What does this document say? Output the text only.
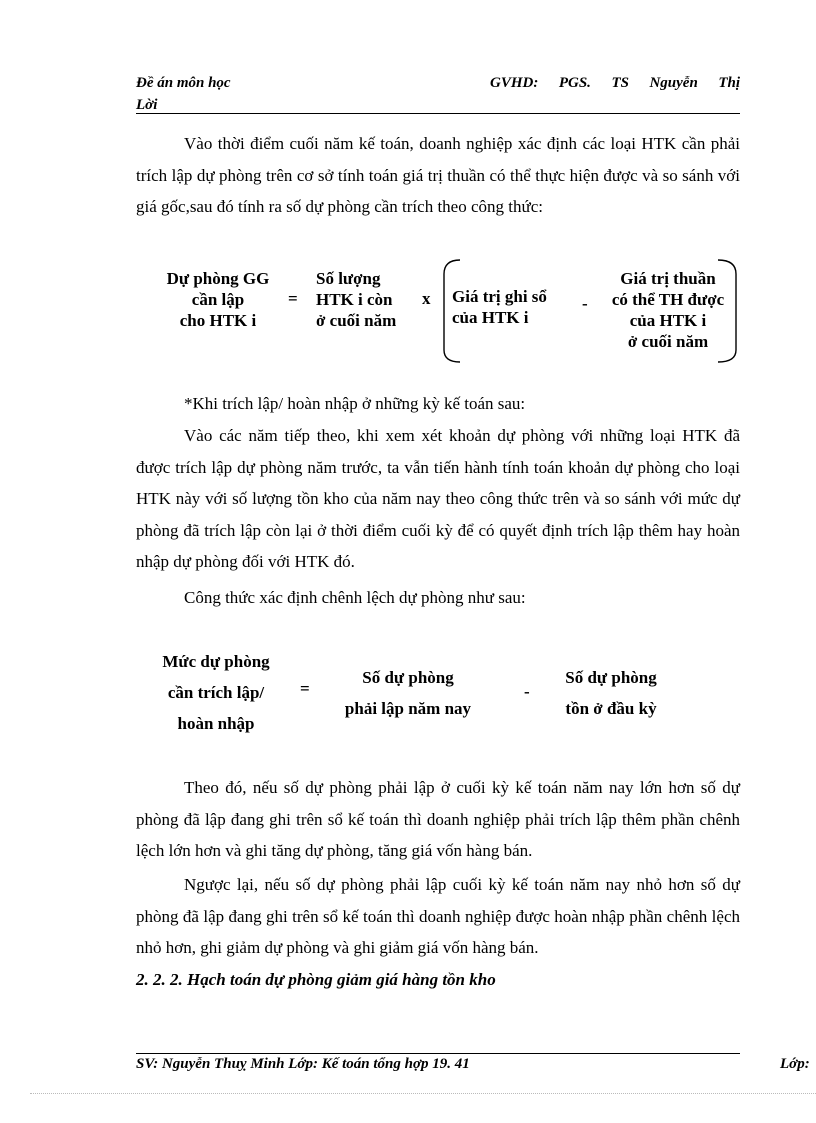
Đề án môn học
Lời
GVHD: PGS. TS Nguyễn Thị

Vào thời điểm cuối năm kế toán, doanh nghiệp xác định các loại HTK cần phải trích lập dự phòng trên cơ sở tính toán giá trị thuần có thể thực hiện được và so sánh với giá gốc,sau đó tính ra số dự phòng cần trích theo công thức:

Dự phòng GG
cần lập
cho HTK i
=
Số lượng
HTK i còn
ở cuối năm
x Giá trị ghi sổ
của HTK i
-
Giá trị thuần
có thể TH được
của HTK i
ở cuối năm

*Khi trích lập/ hoàn nhập ở những kỳ kế toán sau:

Vào các năm tiếp theo, khi xem xét khoản dự phòng với những loại HTK đã được trích lập dự phòng năm trước, ta vẫn tiến hành tính toán khoản dự phòng cho loại HTK này với số lượng tồn kho của năm nay theo công thức trên và so sánh với mức dự phòng đã trích lập còn lại ở thời điểm cuối kỳ để có quyết định trích lập thêm hay hoàn nhập dự phòng đối với HTK đó.

Công thức xác định chênh lệch dự phòng như sau:

Mức dự phòng
cần trích lập/
hoàn nhập
=
Số dự phòng
phải lập năm nay
-
Số dự phòng
tồn ở đầu kỳ

Theo đó, nếu số dự phòng phải lập ở cuối kỳ kế toán năm nay lớn hơn số dự phòng đã lập đang ghi trên sổ kế toán thì doanh nghiệp phải trích lập thêm phần chênh lệch lớn hơn và ghi tăng dự phòng, tăng giá vốn hàng bán.

Ngược lại, nếu số dự phòng phải lập cuối kỳ kế toán năm nay nhỏ hơn số dự phòng đã lập đang ghi trên sổ kế toán thì doanh nghiệp được hoàn nhập phần chênh lệch nhỏ hơn, ghi giảm dự phòng và ghi giảm giá vốn hàng bán.

2. 2. 2. Hạch toán dự phòng giảm giá hàng tồn kho
SV: Nguyễn Thuỵ Minh Lớp: Kế toán tổng hợp 19. 41	Lớp:
